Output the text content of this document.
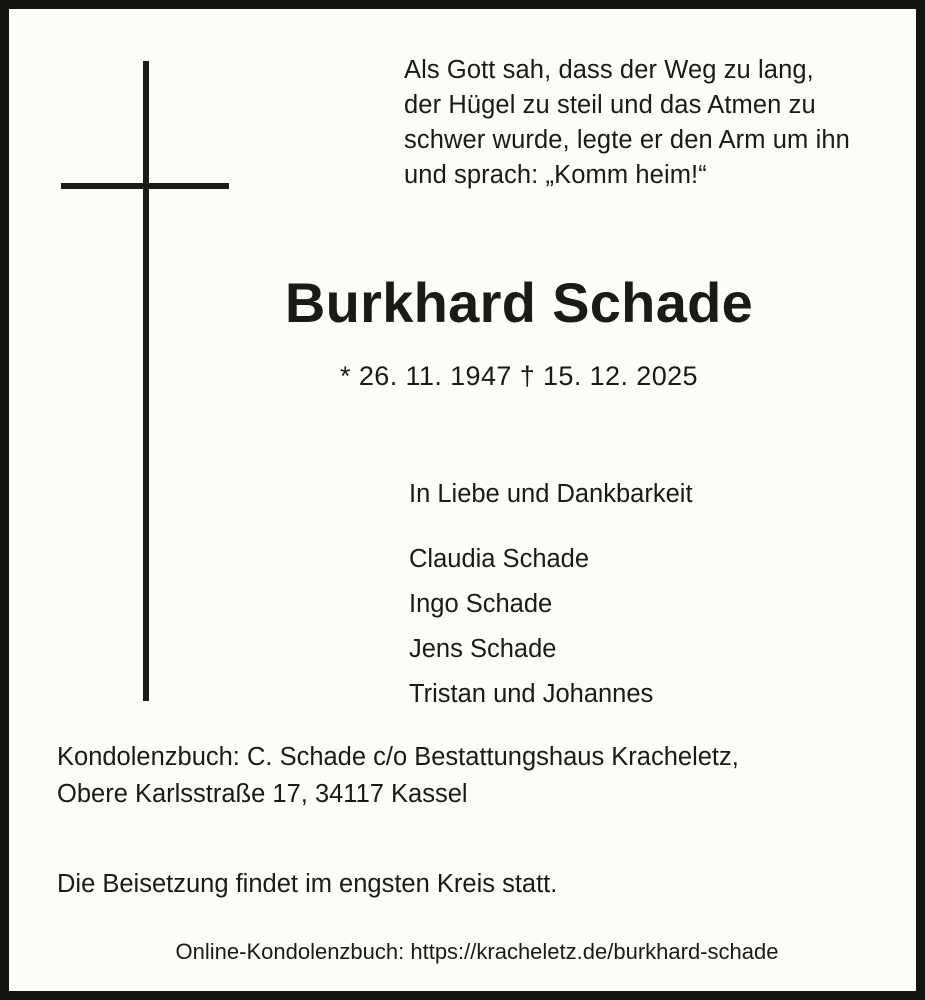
Als Gott sah, dass der Weg zu lang,
der Hügel zu steil und das Atmen zu
schwer wurde, legte er den Arm um ihn
und sprach: „Komm heim!“
Burkhard Schade
* 26. 11. 1947 † 15. 12. 2025
In Liebe und Dankbarkeit
Claudia Schade
Ingo Schade
Jens Schade
Tristan und Johannes
Kondolenzbuch: C. Schade c/o Bestattungshaus Kracheletz,
Obere Karlsstraße 17, 34117 Kassel
Die Beisetzung findet im engsten Kreis statt.
Online-Kondolenzbuch: https://kracheletz.de/burkhard-schade
